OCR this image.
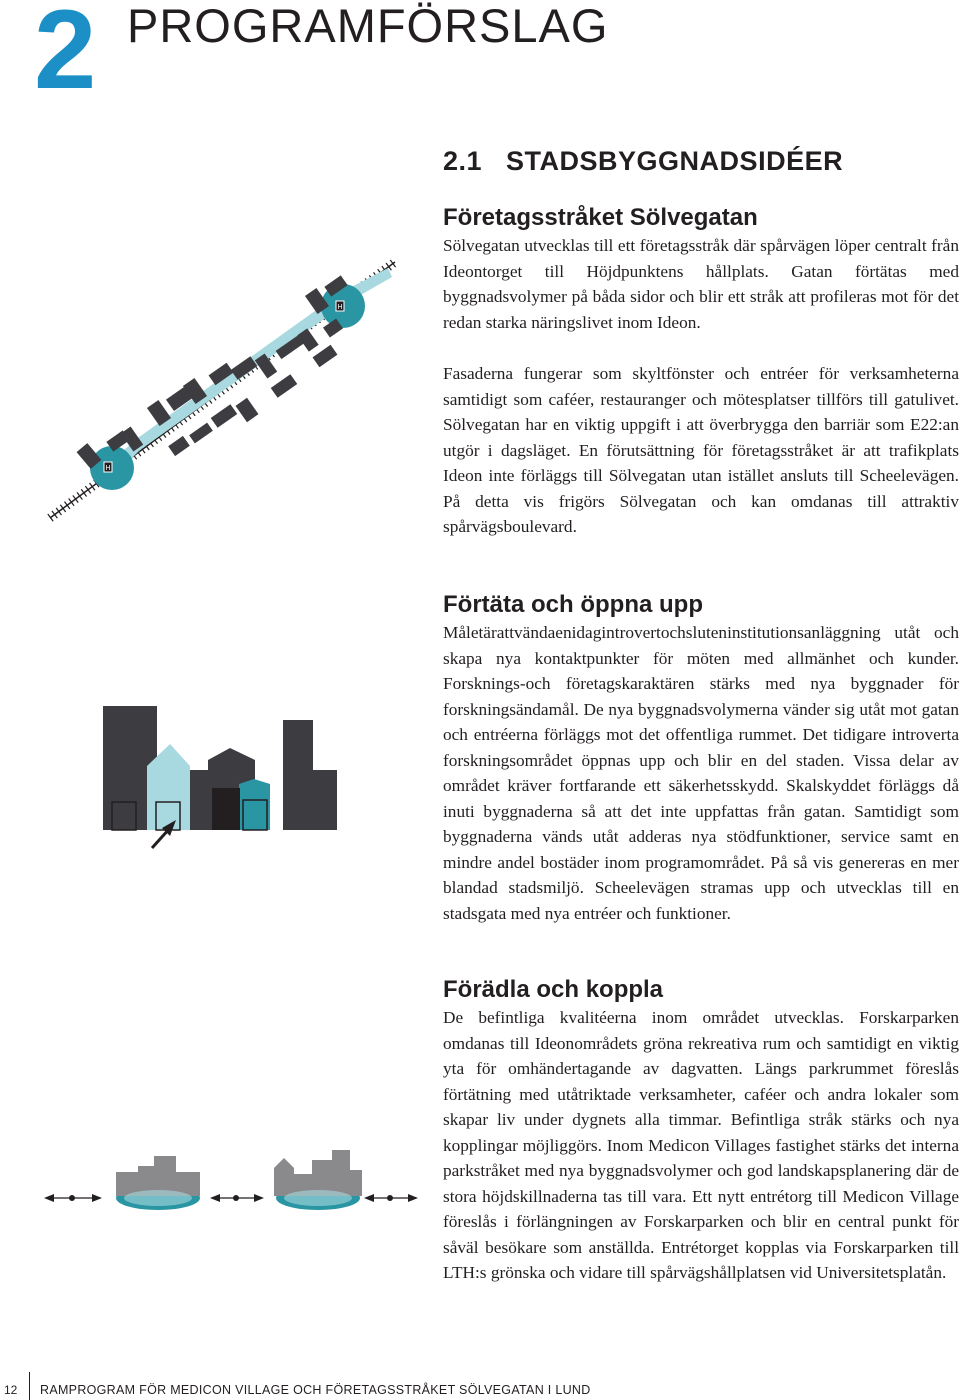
2 PROGRAMFÖRSLAG
2.1 STADSBYGGNADSIDÉER
Företagsstråket Sölvegatan

Sölvegatan utvecklas till ett företagsstråk där spårvägen löper centralt från Ideontorget till Höjdpunktens hållplats. Gatan förtätas med byggnadsvolymer på båda sidor och blir ett stråk att profileras mot för det redan starka näringslivet inom Ideon.

Fasaderna fungerar som skyltfönster och entréer för verksamheterna samtidigt som caféer, restauranger och mötesplatser tillförs till gatulivet. Sölvegatan har en viktig uppgift i att överbrygga den barriär som E22:an utgör i dagsläget. En förutsättning för företagsstråket är att trafikplats Ideon inte förläggs till Sölvegatan utan istället ansluts till Scheelevägen. På detta vis frigörs Sölvegatan och kan omdanas till attraktiv spårvägsboulevard.

Förtäta och öppna upp

Måletärattvändaenidagintrovertochsluteninstitutionsanläggning utåt och skapa nya kontaktpunkter för möten med allmänhet och kunder. Forsknings-och företagskaraktären stärks med nya byggnader för forskningsändamål. De nya byggnadsvolymerna vänder sig utåt mot gatan och entréerna förläggs mot det offentliga rummet. Det tidigare introverta forskningsområdet öppnas upp och blir en del staden. Vissa delar av området kräver fortfarande ett säkerhetsskydd. Skalskyddet förläggs då inuti byggnaderna så att det inte uppfattas från gatan. Samtidigt som byggnaderna vänds utåt adderas nya stödfunktioner, service samt en mindre andel bostäder inom programområdet. På så vis genereras en mer blandad stadsmiljö. Scheelevägen stramas upp och utvecklas till en stadsgata med nya entréer och funktioner.

Förädla och koppla

De befintliga kvalitéerna inom området utvecklas. Forskarparken omdanas till Ideonområdets gröna rekreativa rum och samtidigt en viktig yta för omhändertagande av dagvatten. Längs parkrummet föreslås förtätning med utåtriktade verksamheter, caféer och andra lokaler som skapar liv under dygnets alla timmar. Befintliga stråk stärks och nya kopplingar möjliggörs. Inom Medicon Villages fastighet stärks det interna parkstråket med nya byggnadsvolymer och god landskapsplanering där de stora höjdskillnaderna tas till vara. Ett nytt entrétorg till Medicon Village föreslås i förlängningen av Forskarparken och blir en central punkt för såväl besökare som anställda. Entrétorget kopplas via Forskarparken till LTH:s grönska och vidare till spårvägshållplatsen vid Universitetsplatån.

H
H
12 RAMPROGRAM FÖR MEDICON VILLAGE OCH FÖRETAGSSTRÅKET SÖLVEGATAN I LUND
